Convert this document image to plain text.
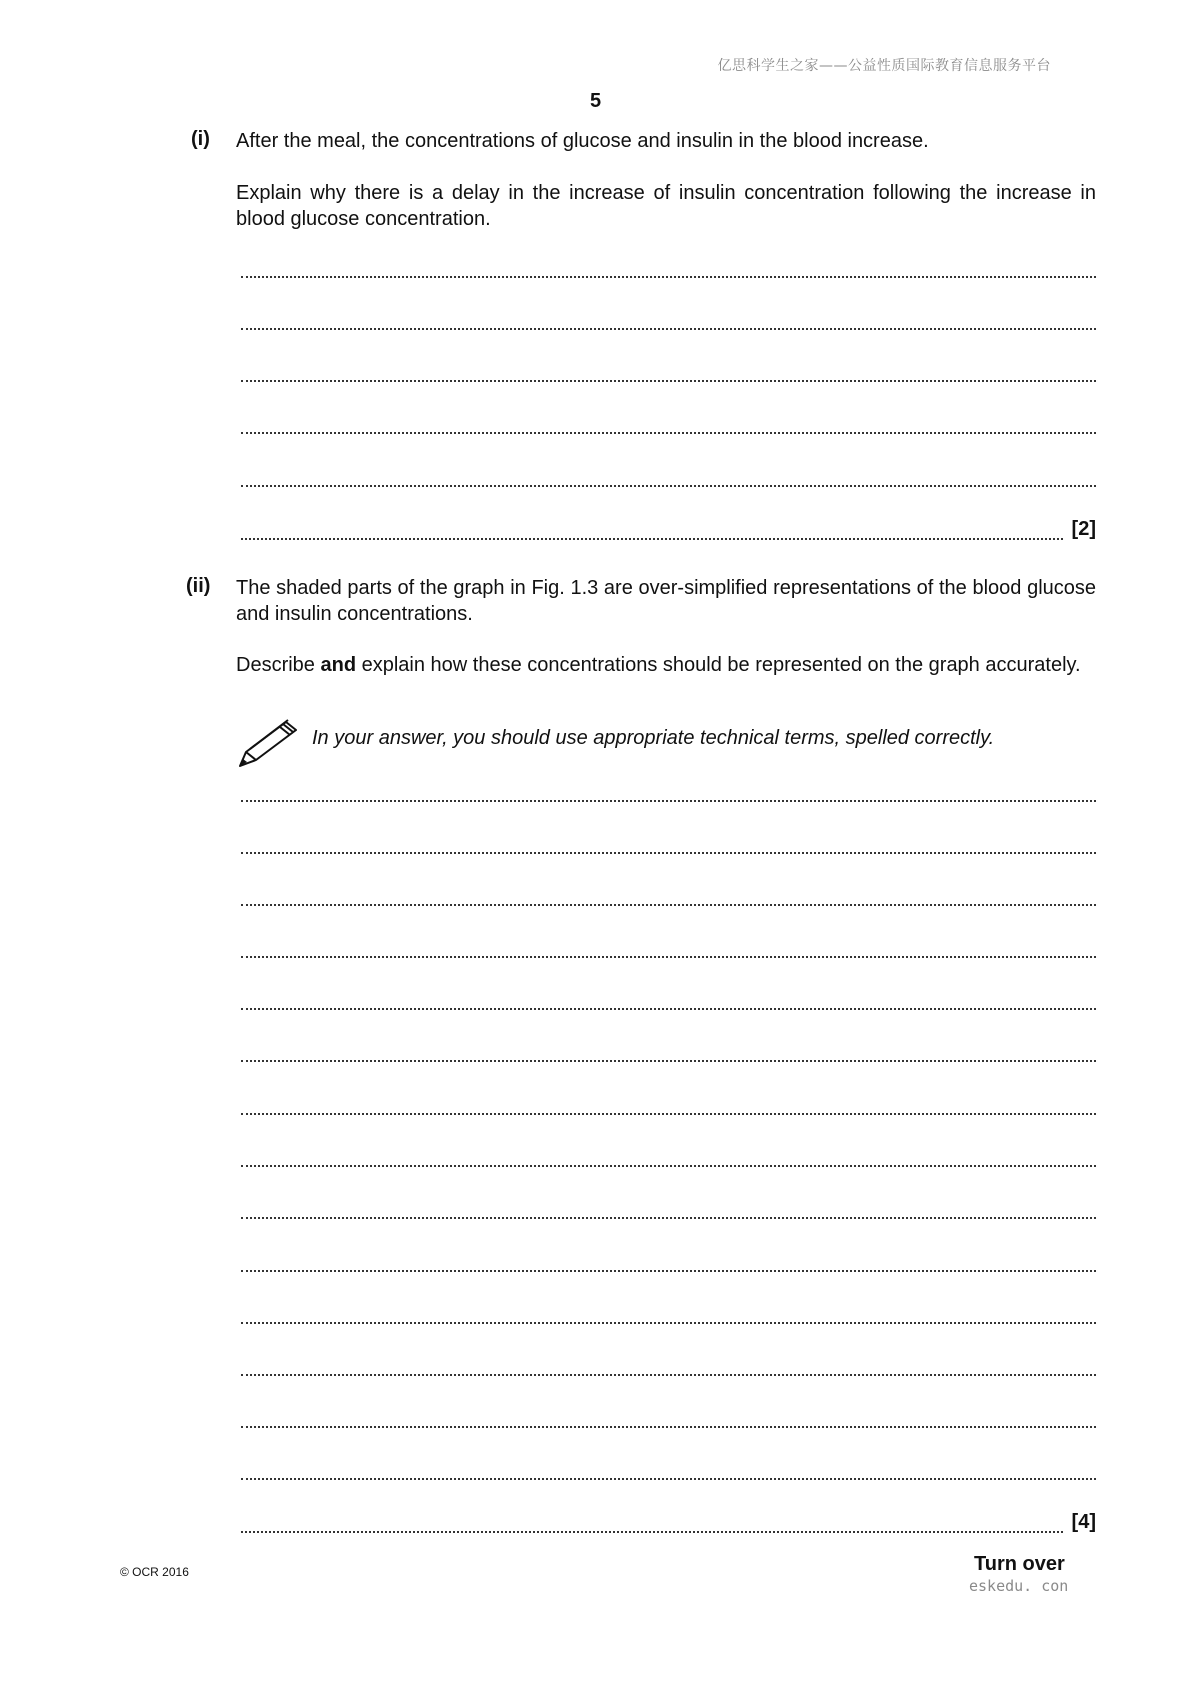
亿思科学生之家——公益性质国际教育信息服务平台
5
(i) After the meal, the concentrations of glucose and insulin in the blood increase.
Explain why there is a delay in the increase of insulin concentration following the increase in blood glucose concentration.
[2]
(ii) The shaded parts of the graph in Fig. 1.3 are over-simplified representations of the blood glucose and insulin concentrations.
Describe and explain how these concentrations should be represented on the graph accurately.
In your answer, you should use appropriate technical terms, spelled correctly.
[4]
© OCR 2016	Turn over
eskedu. con
